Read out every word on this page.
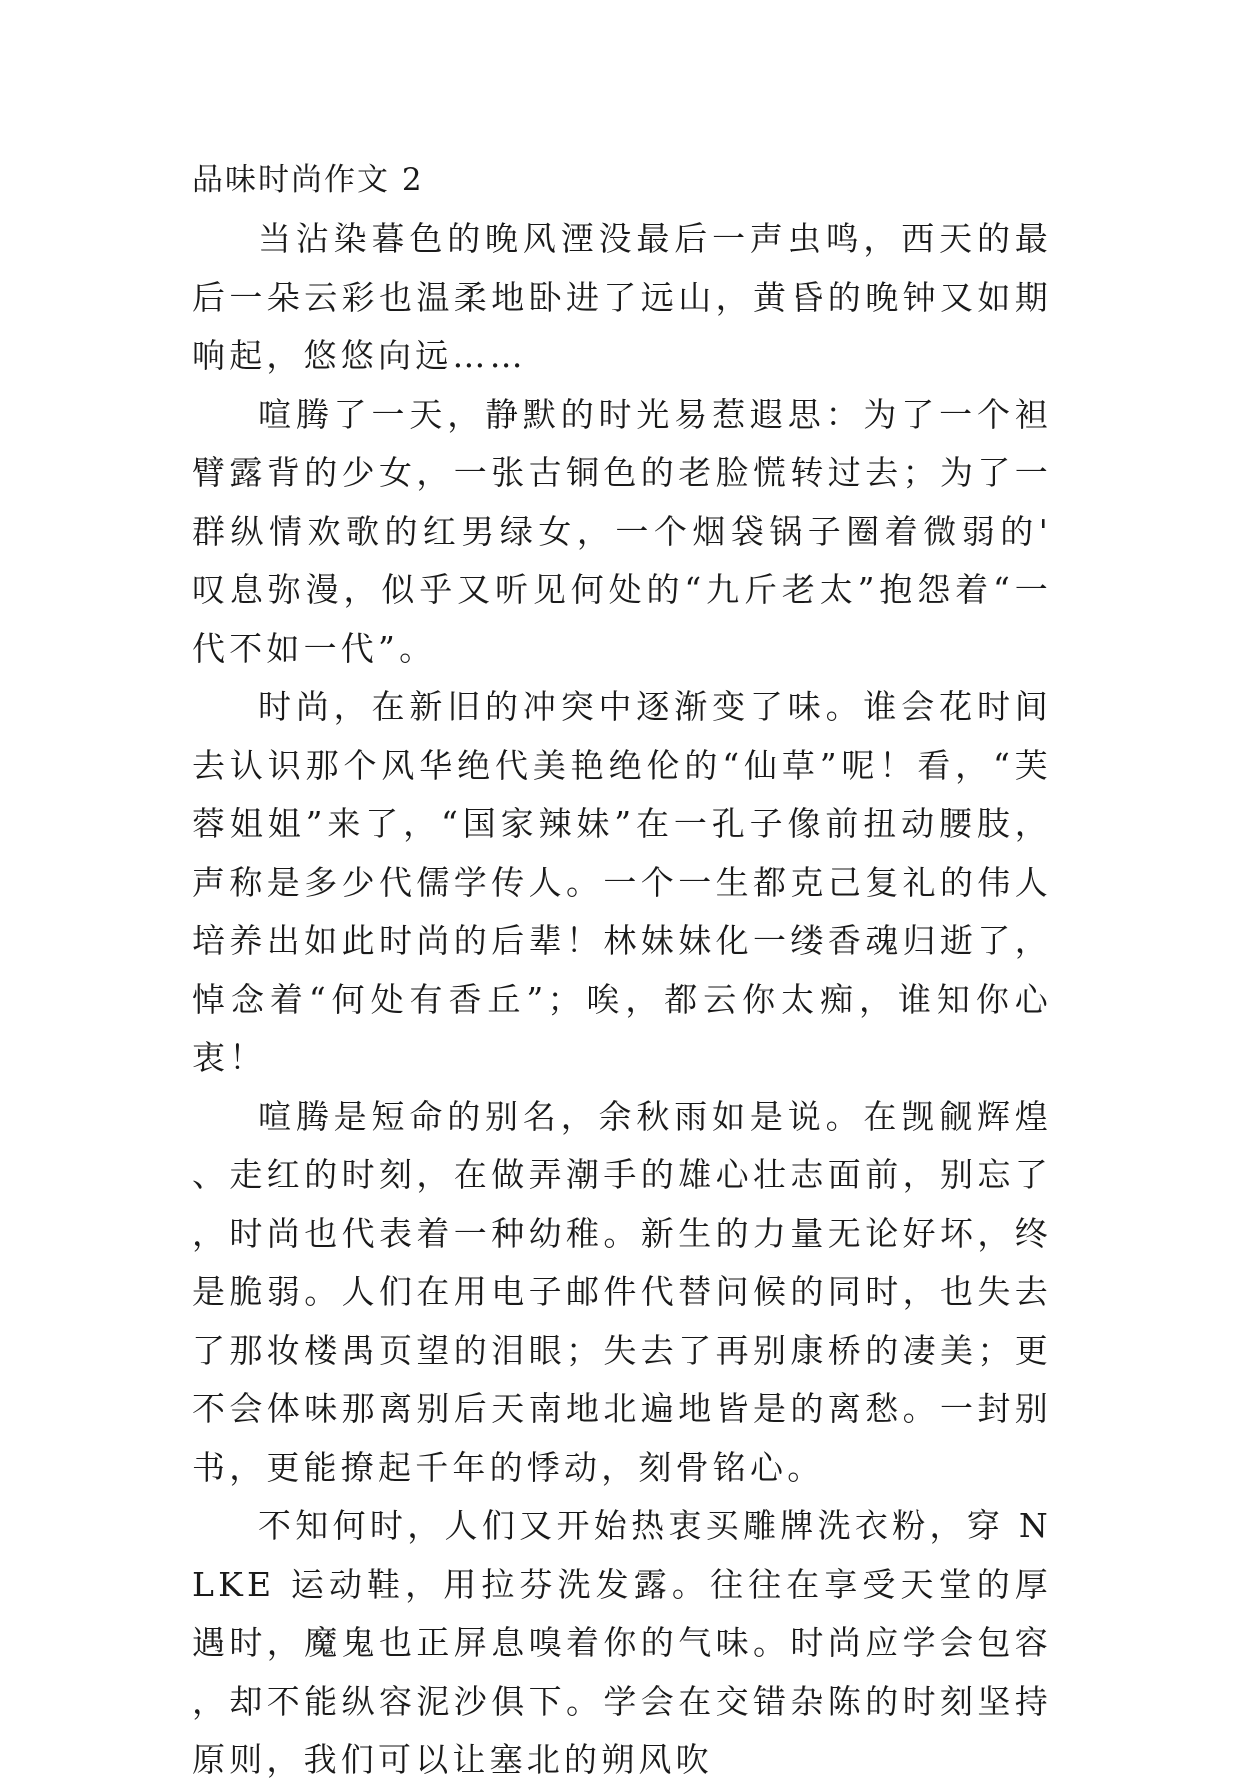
品味时尚作文 2

当沾染暮色的晚风湮没最后一声虫鸣，西天的最后一朵云彩也温柔地卧进了远山，黄昏的晚钟又如期响起，悠悠向远……

喧腾了一天，静默的时光易惹遐思：为了一个袒臂露背的少女，一张古铜色的老脸慌转过去；为了一群纵情欢歌的红男绿女，一个烟袋锅子圈着微弱的'叹息弥漫，似乎又听见何处的“九斤老太”抱怨着“一代不如一代”。

时尚，在新旧的冲突中逐渐变了味。谁会花时间去认识那个风华绝代美艳绝伦的“仙草”呢！看，“芙蓉姐姐”来了，“国家辣妹”在一孔子像前扭动腰肢，声称是多少代儒学传人。一个一生都克己复礼的伟人培养出如此时尚的后辈！林妹妹化一缕香魂归逝了，悼念着“何处有香丘”；唉，都云你太痴，谁知你心衷！

喧腾是短命的别名，余秋雨如是说。在觊觎辉煌、走红的时刻，在做弄潮手的雄心壮志面前，别忘了，时尚也代表着一种幼稚。新生的力量无论好坏，终是脆弱。人们在用电子邮件代替问候的同时，也失去了那妆楼禺页望的泪眼；失去了再别康桥的凄美；更不会体味那离别后天南地北遍地皆是的离愁。一封别书，更能撩起千年的悸动，刻骨铭心。

不知何时，人们又开始热衷买雕牌洗衣粉，穿 NLKE 运动鞋，用拉芬洗发露。往往在享受天堂的厚遇时，魔鬼也正屏息嗅着你的气味。时尚应学会包容，却不能纵容泥沙俱下。学会在交错杂陈的时刻坚持原则，我们可以让塞北的朔风吹
